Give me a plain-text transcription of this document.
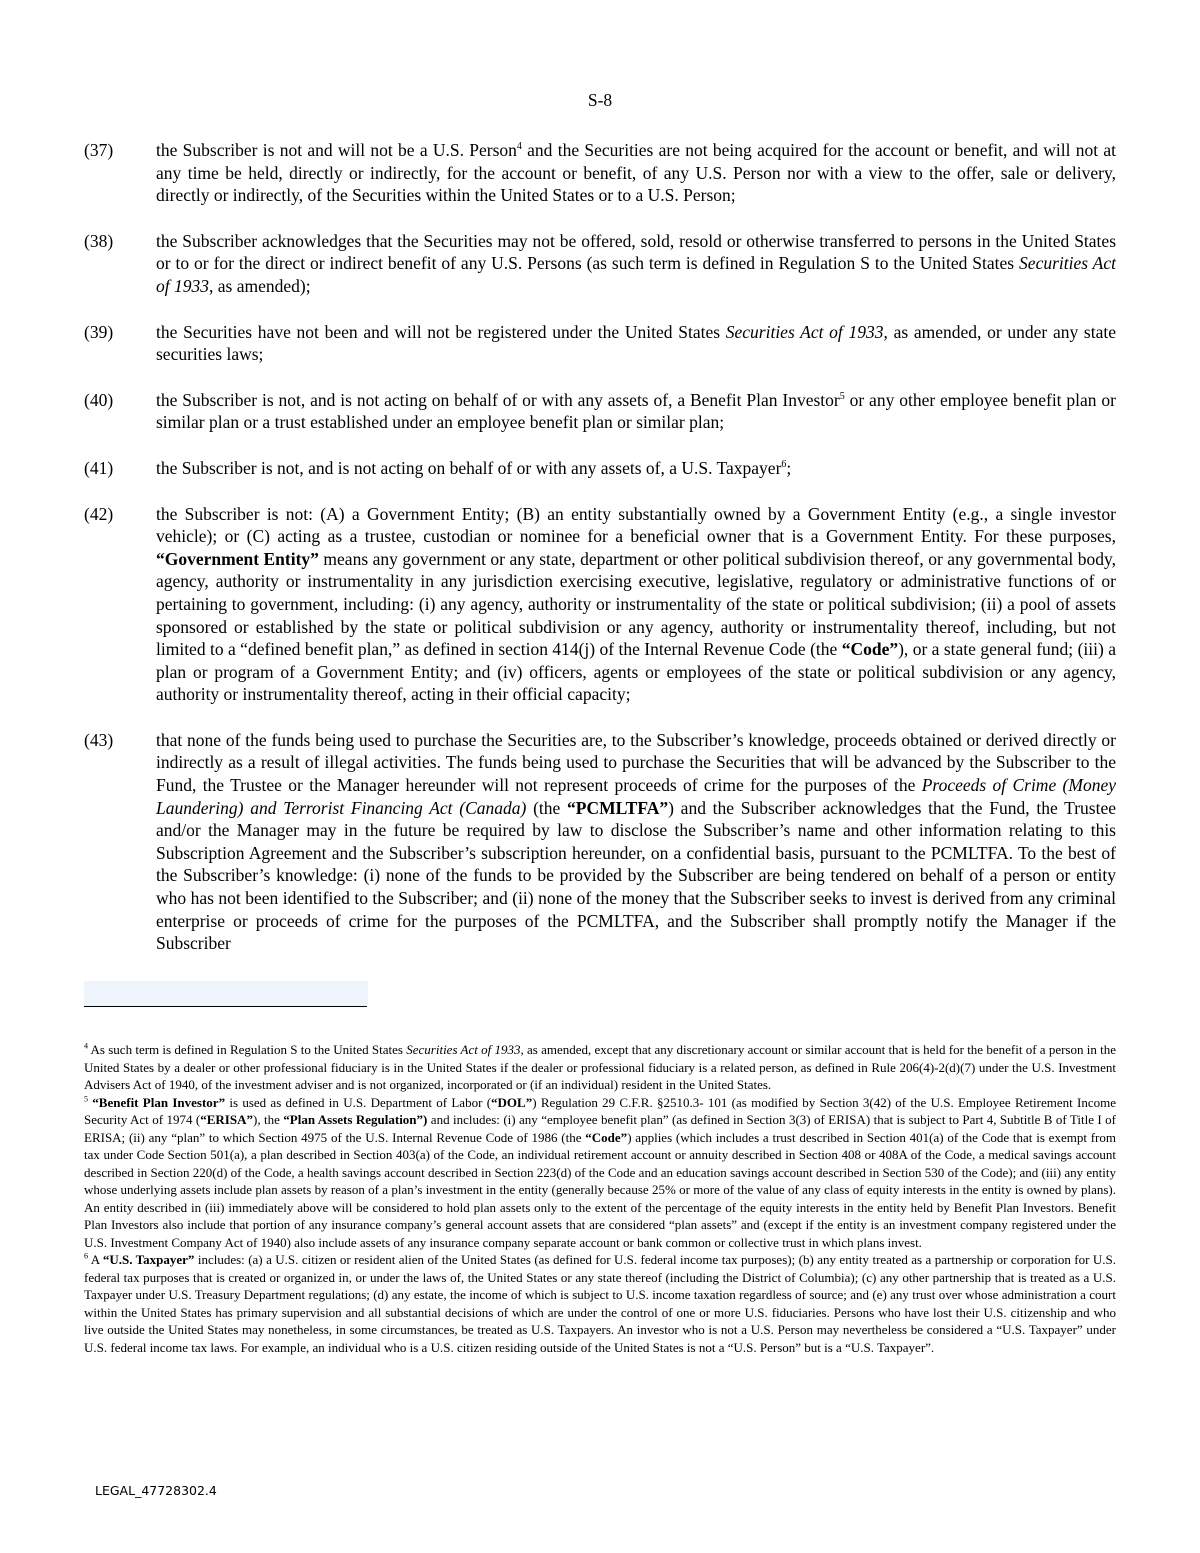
S-8
(37)	the Subscriber is not and will not be a U.S. Person$^4$ and the Securities are not being acquired for the account or benefit, and will not at any time be held, directly or indirectly, for the account or benefit, of any U.S. Person nor with a view to the offer, sale or delivery, directly or indirectly, of the Securities within the United States or to a U.S. Person;
(38)	the Subscriber acknowledges that the Securities may not be offered, sold, resold or otherwise transferred to persons in the United States or to or for the direct or indirect benefit of any U.S. Persons (as such term is defined in Regulation S to the United States Securities Act of 1933, as amended);
(39)	the Securities have not been and will not be registered under the United States Securities Act of 1933, as amended, or under any state securities laws;
(40)	the Subscriber is not, and is not acting on behalf of or with any assets of, a Benefit Plan Investor$^5$ or any other employee benefit plan or similar plan or a trust established under an employee benefit plan or similar plan;
(41)	the Subscriber is not, and is not acting on behalf of or with any assets of, a U.S. Taxpayer$^6$;
(42)	the Subscriber is not: (A) a Government Entity; (B) an entity substantially owned by a Government Entity (e.g., a single investor vehicle); or (C) acting as a trustee, custodian or nominee for a beneficial owner that is a Government Entity. For these purposes, “Government Entity” means any government or any state, department or other political subdivision thereof, or any governmental body, agency, authority or instrumentality in any jurisdiction exercising executive, legislative, regulatory or administrative functions of or pertaining to government, including: (i) any agency, authority or instrumentality of the state or political subdivision; (ii) a pool of assets sponsored or established by the state or political subdivision or any agency, authority or instrumentality thereof, including, but not limited to a “defined benefit plan,” as defined in section 414(j) of the Internal Revenue Code (the “Code”), or a state general fund; (iii) a plan or program of a Government Entity; and (iv) officers, agents or employees of the state or political subdivision or any agency, authority or instrumentality thereof, acting in their official capacity;
(43)	that none of the funds being used to purchase the Securities are, to the Subscriber’s knowledge, proceeds obtained or derived directly or indirectly as a result of illegal activities. The funds being used to purchase the Securities that will be advanced by the Subscriber to the Fund, the Trustee or the Manager hereunder will not represent proceeds of crime for the purposes of the Proceeds of Crime (Money Laundering) and Terrorist Financing Act (Canada) (the “PCMLTFA”) and the Subscriber acknowledges that the Fund, the Trustee and/or the Manager may in the future be required by law to disclose the Subscriber’s name and other information relating to this Subscription Agreement and the Subscriber’s subscription hereunder, on a confidential basis, pursuant to the PCMLTFA. To the best of the Subscriber’s knowledge: (i) none of the funds to be provided by the Subscriber are being tendered on behalf of a person or entity who has not been identified to the Subscriber; and (ii) none of the money that the Subscriber seeks to invest is derived from any criminal enterprise or proceeds of crime for the purposes of the PCMLTFA, and the Subscriber shall promptly notify the Manager if the Subscriber

$^4$ As such term is defined in Regulation S to the United States Securities Act of 1933, as amended, except that any discretionary account or similar account that is held for the benefit of a person in the United States by a dealer or other professional fiduciary is in the United States if the dealer or professional fiduciary is a related person, as defined in Rule 206(4)-2(d)(7) under the U.S. Investment Advisers Act of 1940, of the investment adviser and is not organized, incorporated or (if an individual) resident in the United States.

$^5$ “Benefit Plan Investor” is used as defined in U.S. Department of Labor (“DOL”) Regulation 29 C.F.R. §2510.3- 101 (as modified by Section 3(42) of the U.S. Employee Retirement Income Security Act of 1974 (“ERISA”), the “Plan Assets Regulation”) and includes: (i) any “employee benefit plan” (as defined in Section 3(3) of ERISA) that is subject to Part 4, Subtitle B of Title I of ERISA; (ii) any “plan” to which Section 4975 of the U.S. Internal Revenue Code of 1986 (the “Code”) applies (which includes a trust described in Section 401(a) of the Code that is exempt from tax under Code Section 501(a), a plan described in Section 403(a) of the Code, an individual retirement account or annuity described in Section 408 or 408A of the Code, a medical savings account described in Section 220(d) of the Code, a health savings account described in Section 223(d) of the Code and an education savings account described in Section 530 of the Code); and (iii) any entity whose underlying assets include plan assets by reason of a plan’s investment in the entity (generally because 25% or more of the value of any class of equity interests in the entity is owned by plans). An entity described in (iii) immediately above will be considered to hold plan assets only to the extent of the percentage of the equity interests in the entity held by Benefit Plan Investors. Benefit Plan Investors also include that portion of any insurance company’s general account assets that are considered “plan assets” and (except if the entity is an investment company registered under the U.S. Investment Company Act of 1940) also include assets of any insurance company separate account or bank common or collective trust in which plans invest.

$^6$ A “U.S. Taxpayer” includes: (a) a U.S. citizen or resident alien of the United States (as defined for U.S. federal income tax purposes); (b) any entity treated as a partnership or corporation for U.S. federal tax purposes that is created or organized in, or under the laws of, the United States or any state thereof (including the District of Columbia); (c) any other partnership that is treated as a U.S. Taxpayer under U.S. Treasury Department regulations; (d) any estate, the income of which is subject to U.S. income taxation regardless of source; and (e) any trust over whose administration a court within the United States has primary supervision and all substantial decisions of which are under the control of one or more U.S. fiduciaries. Persons who have lost their U.S. citizenship and who live outside the United States may nonetheless, in some circumstances, be treated as U.S. Taxpayers. An investor who is not a U.S. Person may nevertheless be considered a “U.S. Taxpayer” under U.S. federal income tax laws. For example, an individual who is a U.S. citizen residing outside of the United States is not a “U.S. Person” but is a “U.S. Taxpayer”.

LEGAL_47728302.4
